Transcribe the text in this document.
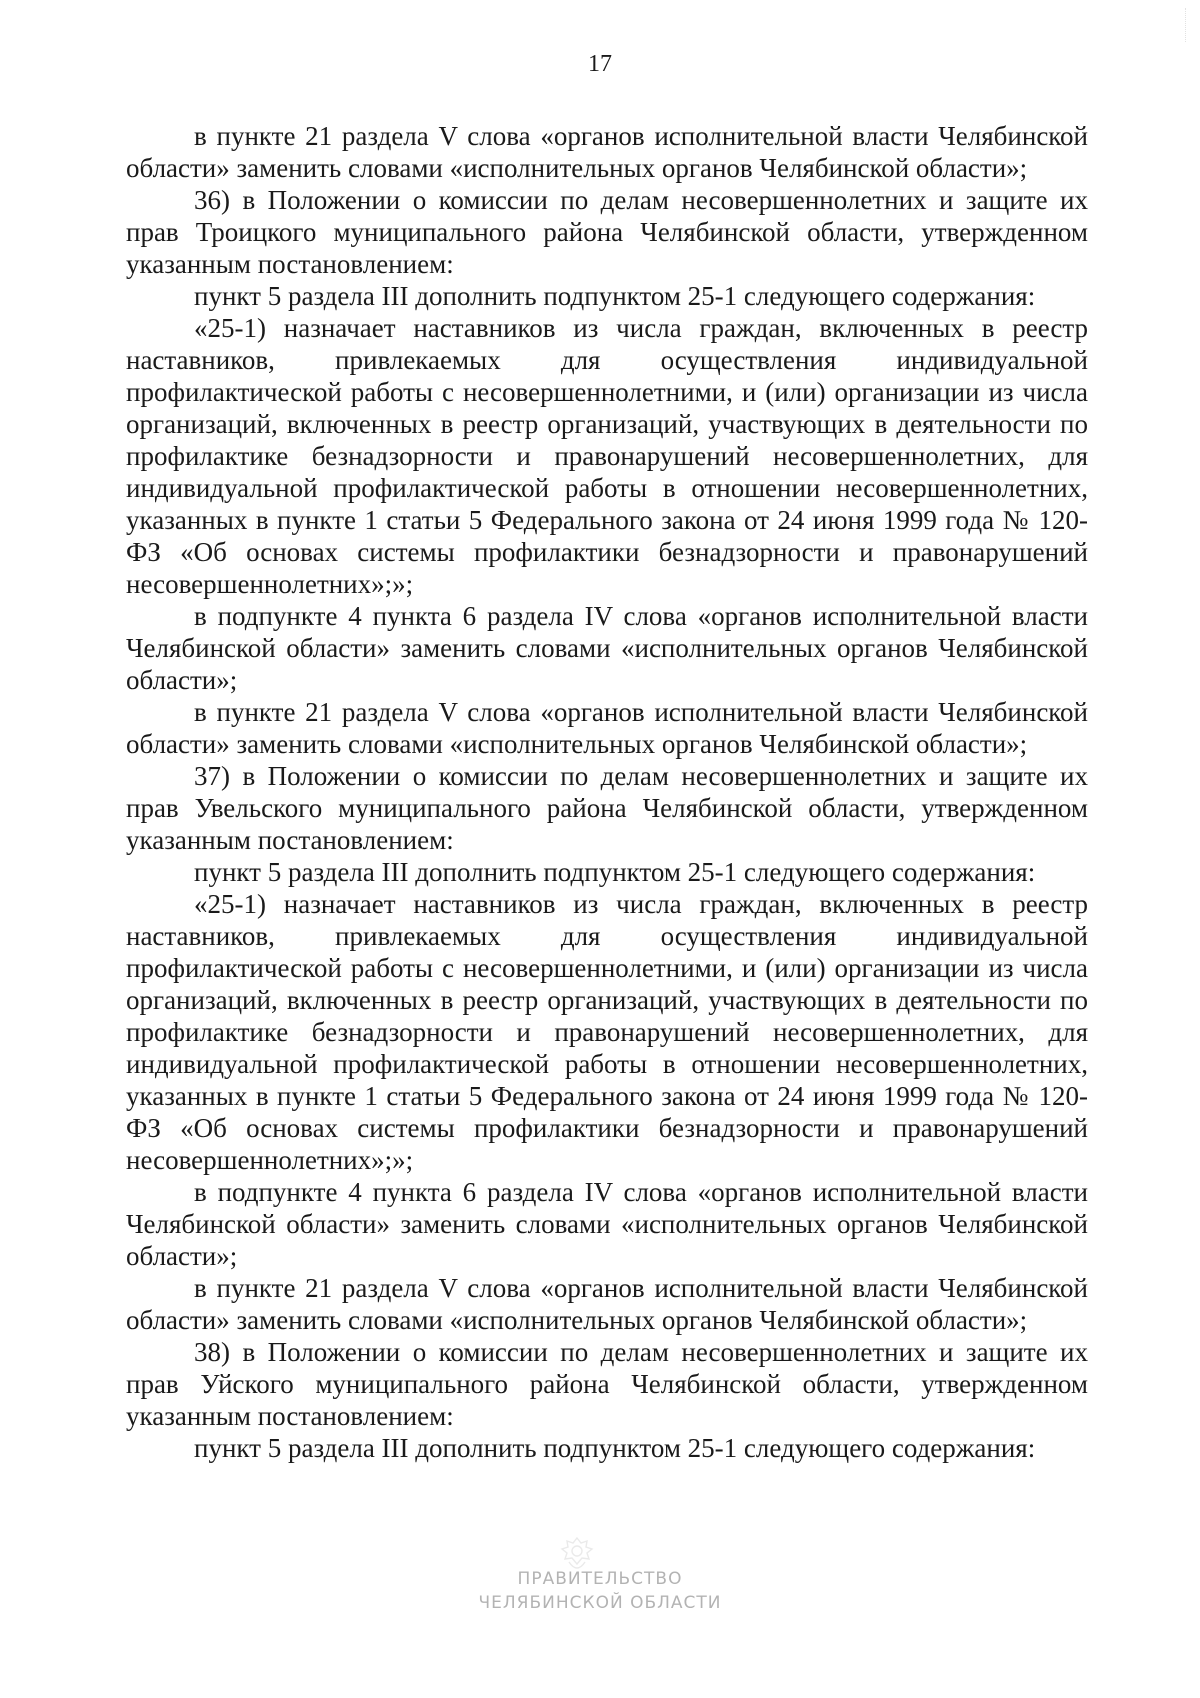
17

в пункте 21 раздела V слова «органов исполнительной власти Челябинской области» заменить словами «исполнительных органов Челябинской области»;

36) в Положении о комиссии по делам несовершеннолетних и защите их прав Троицкого муниципального района Челябинской области, утвержденном указанным постановлением:

пункт 5 раздела III дополнить подпунктом 25-1 следующего содержания:

«25-1) назначает наставников из числа граждан, включенных в реестр наставников, привлекаемых для осуществления индивидуальной профилактической работы с несовершеннолетними, и (или) организации из числа организаций, включенных в реестр организаций, участвующих в деятельности по профилактике безнадзорности и правонарушений несовершеннолетних, для индивидуальной профилактической работы в отношении несовершеннолетних, указанных в пункте 1 статьи 5 Федерального закона от 24 июня 1999 года № 120-ФЗ «Об основах системы профилактики безнадзорности и правонарушений несовершеннолетних»;»;

в подпункте 4 пункта 6 раздела IV слова «органов исполнительной власти Челябинской области» заменить словами «исполнительных органов Челябинской области»;

в пункте 21 раздела V слова «органов исполнительной власти Челябинской области» заменить словами «исполнительных органов Челябинской области»;

37) в Положении о комиссии по делам несовершеннолетних и защите их прав Увельского муниципального района Челябинской области, утвержденном указанным постановлением:

пункт 5 раздела III дополнить подпунктом 25-1 следующего содержания:

«25-1) назначает наставников из числа граждан, включенных в реестр наставников, привлекаемых для осуществления индивидуальной профилактической работы с несовершеннолетними, и (или) организации из числа организаций, включенных в реестр организаций, участвующих в деятельности по профилактике безнадзорности и правонарушений несовершеннолетних, для индивидуальной профилактической работы в отношении несовершеннолетних, указанных в пункте 1 статьи 5 Федерального закона от 24 июня 1999 года № 120-ФЗ «Об основах системы профилактики безнадзорности и правонарушений несовершеннолетних»;»;

в подпункте 4 пункта 6 раздела IV слова «органов исполнительной власти Челябинской области» заменить словами «исполнительных органов Челябинской области»;

в пункте 21 раздела V слова «органов исполнительной власти Челябинской области» заменить словами «исполнительных органов Челябинской области»;

38) в Положении о комиссии по делам несовершеннолетних и защите их прав Уйского муниципального района Челябинской области, утвержденном указанным постановлением:

пункт 5 раздела III дополнить подпунктом 25-1 следующего содержания:

ПРАВИТЕЛЬСТВО
ЧЕЛЯБИНСКОЙ ОБЛАСТИ
